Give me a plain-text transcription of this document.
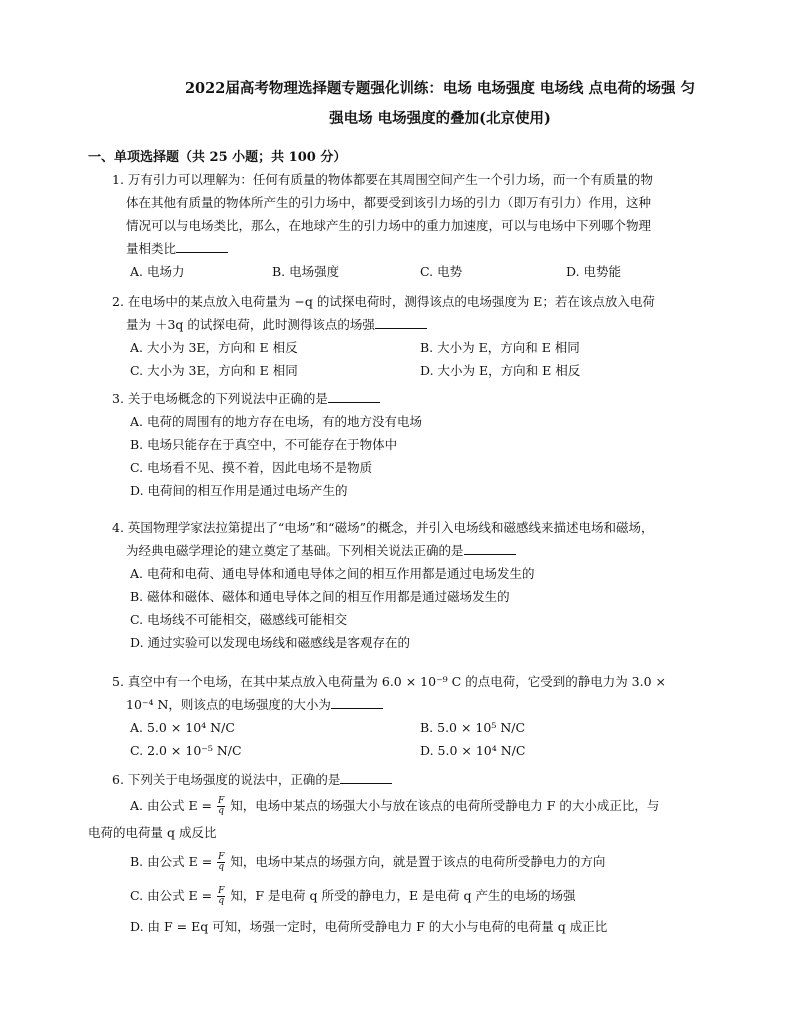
2022届高考物理选择题专题强化训练：电场 电场强度 电场线 点电荷的场强 匀
强电场 电场强度的叠加(北京使用)
一、单项选择题（共 25 小题；共 100 分）
1. 万有引力可以理解为：任何有质量的物体都要在其周围空间产生一个引力场，而一个有质量的物
体在其他有质量的物体所产生的引力场中，都要受到该引力场的引力（即万有引力）作用，这种
情况可以与电场类比，那么，在地球产生的引力场中的重力加速度，可以与电场中下列哪个物理
量相类比
A. 电场力	B. 电场强度	C. 电势	D. 电势能
2. 在电场中的某点放入电荷量为 −q 的试探电荷时，测得该点的电场强度为 E；若在该点放入电荷
量为 ＋3q 的试探电荷，此时测得该点的场强
A. 大小为 3E，方向和 E 相反	B. 大小为 E，方向和 E 相同
C. 大小为 3E，方向和 E 相同	D. 大小为 E，方向和 E 相反
3. 关于电场概念的下列说法中正确的是
A. 电荷的周围有的地方存在电场，有的地方没有电场
B. 电场只能存在于真空中，不可能存在于物体中
C. 电场看不见、摸不着，因此电场不是物质
D. 电荷间的相互作用是通过电场产生的
4. 英国物理学家法拉第提出了“电场”和“磁场”的概念，并引入电场线和磁感线来描述电场和磁场，
为经典电磁学理论的建立奠定了基础。下列相关说法正确的是
A. 电荷和电荷、通电导体和通电导体之间的相互作用都是通过电场发生的
B. 磁体和磁体、磁体和通电导体之间的相互作用都是通过磁场发生的
C. 电场线不可能相交，磁感线可能相交
D. 通过实验可以发现电场线和磁感线是客观存在的
5. 真空中有一个电场，在其中某点放入电荷量为 6.0 × 10⁻⁹ C 的点电荷，它受到的静电力为 3.0 ×
10⁻⁴ N，则该点的电场强度的大小为
A. 5.0 × 10⁴ N/C	B. 5.0 × 10⁵ N/C
C. 2.0 × 10⁻⁵ N/C	D. 5.0 × 10⁴ N/C
6. 下列关于电场强度的说法中，正确的是
A. 由公式 $E = \frac{F}{q}$ 知，电场中某点的场强大小与放在该点的电荷所受静电力 F 的大小成正比，与
电荷的电荷量 q 成反比
B. 由公式 $E = \frac{F}{q}$ 知，电场中某点的场强方向，就是置于该点的电荷所受静电力的方向
C. 由公式 $E = \frac{F}{q}$ 知，F 是电荷 q 所受的静电力，E 是电荷 q 产生的电场的场强
D. 由 F = Eq 可知，场强一定时，电荷所受静电力 F 的大小与电荷的电荷量 q 成正比
